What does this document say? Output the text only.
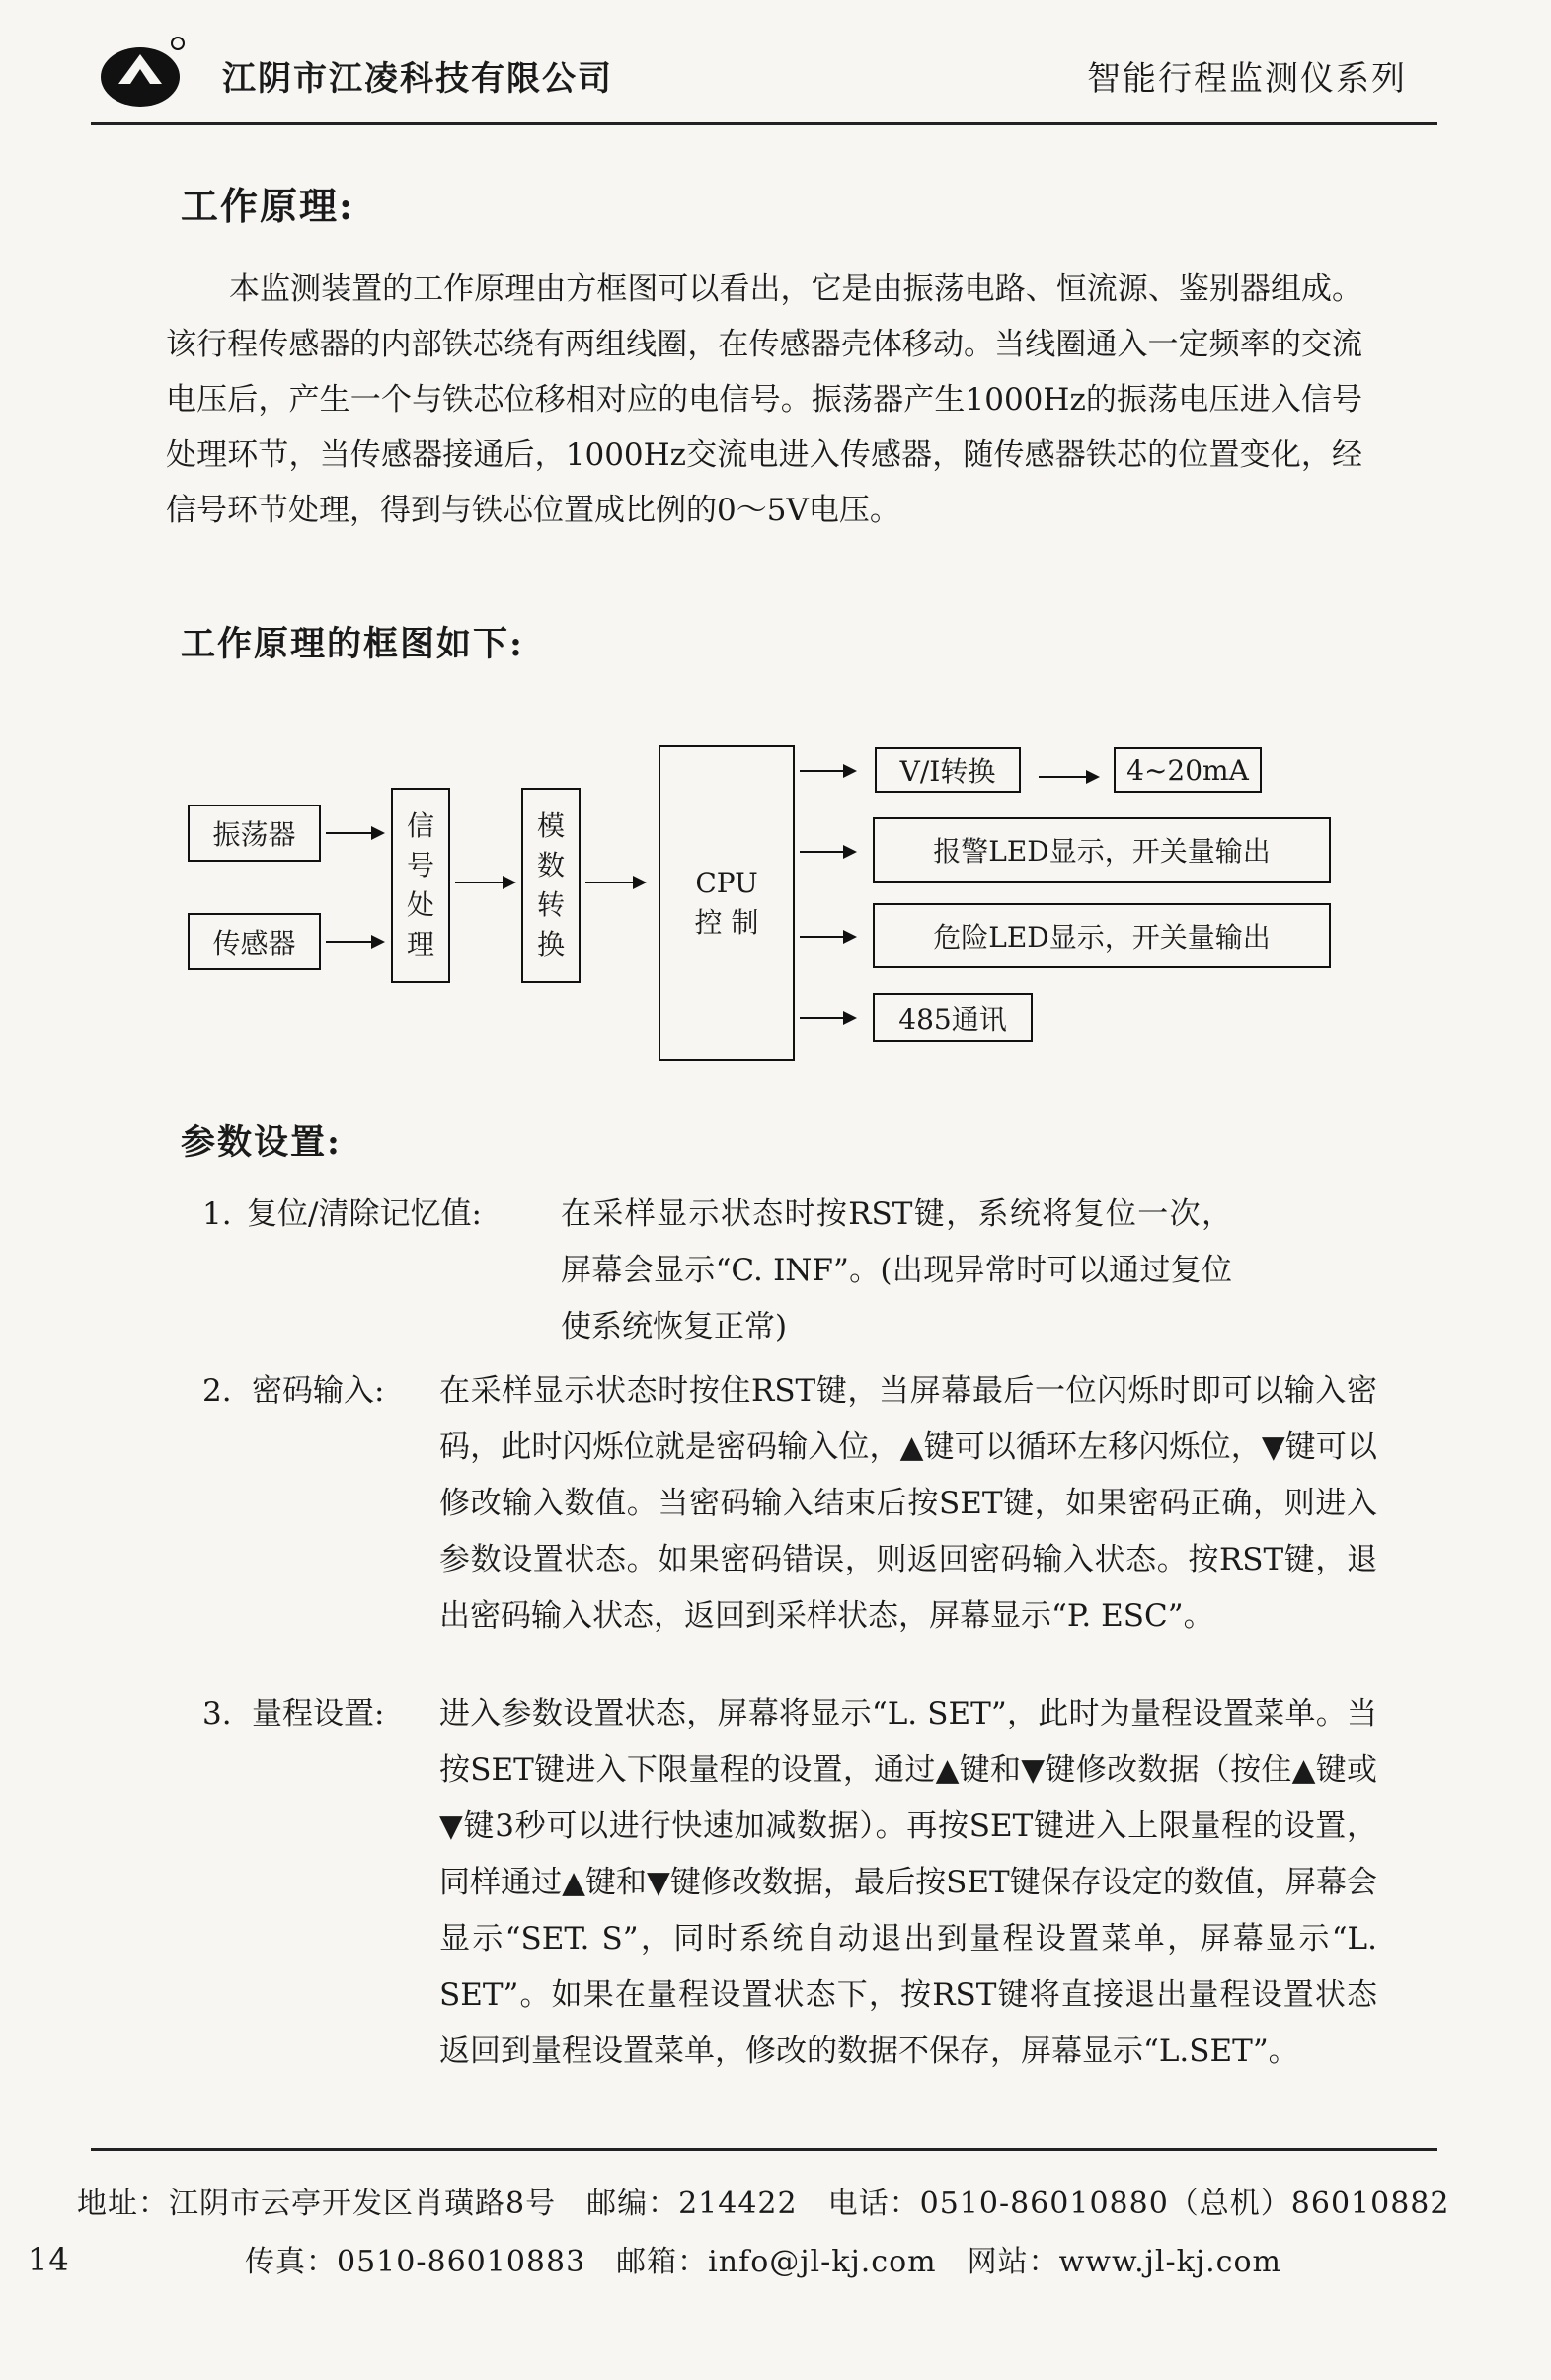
江阴市江凌科技有限公司	智能行程监测仪系列
工作原理:

本监测装置的工作原理由方框图可以看出，它是由振荡电路、恒流源、鉴别器组成。该行程传感器的内部铁芯绕有两组线圈，在传感器壳体移动。当线圈通入一定频率的交流电压后，产生一个与铁芯位移相对应的电信号。振荡器产生1000Hz的振荡电压进入信号处理环节，当传感器接通后，1000Hz交流电进入传感器，随传感器铁芯的位置变化，经信号环节处理，得到与铁芯位置成比例的0～5V电压。

工作原理的框图如下:
振荡器
传感器
信
号
处
理
模
数
转
换
CPU
控 制
V/I转换	4~20mA
报警LED显示，开关量输出
危险LED显示，开关量输出
485通讯
参数设置:
1. 复位/清除记忆值:	在采样显示状态时按RST键，系统将复位一次，屏幕会显示“C. INF”。(出现异常时可以通过复位使系统恢复正常)
2. 密码输入: 在采样显示状态时按住RST键，当屏幕最后一位闪烁时即可以输入密码，此时闪烁位就是密码输入位，▲键可以循环左移闪烁位，▼键可以修改输入数值。当密码输入结束后按SET键，如果密码正确，则进入参数设置状态。如果密码错误，则返回密码输入状态。按RST键，退出密码输入状态，返回到采样状态，屏幕显示“P. ESC”。
3. 量程设置: 进入参数设置状态，屏幕将显示“L. SET”，此时为量程设置菜单。当按SET键进入下限量程的设置，通过▲键和▼键修改数据（按住▲键或▼键3秒可以进行快速加减数据）。再按SET键进入上限量程的设置，同样通过▲键和▼键修改数据，最后按SET键保存设定的数值，屏幕会显示“SET. S”，同时系统自动退出到量程设置菜单，屏幕显示“L. SET”。如果在量程设置状态下，按RST键将直接退出量程设置状态返回到量程设置菜单，修改的数据不保存，屏幕显示“L.SET”。
地址：江阴市云亭开发区肖璜路8号　邮编：214422　电话：0510-86010880（总机）86010882
传真：0510-86010883　邮箱：info@jl-kj.com　网站：www.jl-kj.com
14
